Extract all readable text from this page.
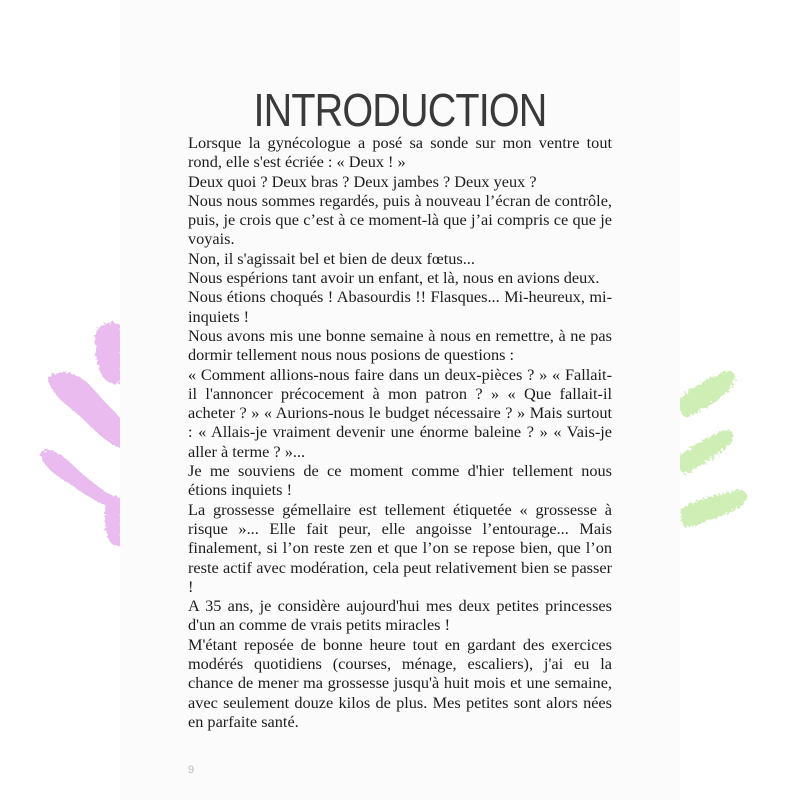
INTRODUCTION

Lorsque la gynécologue a posé sa sonde sur mon ventre tout rond, elle s'est écriée : « Deux ! »

Deux quoi ? Deux bras ? Deux jambes ? Deux yeux ?

Nous nous sommes regardés, puis à nouveau l’écran de contrôle, puis, je crois que c’est à ce moment-là que j’ai compris ce que je voyais.

Non, il s'agissait bel et bien de deux fœtus...

Nous espérions tant avoir un enfant, et là, nous en avions deux.

Nous étions choqués ! Abasourdis !! Flasques... Mi-heureux, mi-inquiets !

Nous avons mis une bonne semaine à nous en remettre, à ne pas dormir tellement nous nous posions de questions :

« Comment allions-nous faire dans un deux-pièces ? » « Fallait-il l'annoncer précocement à mon patron ? » « Que fallait-il acheter ? » « Aurions-nous le budget nécessaire ? » Mais surtout : « Allais-je vraiment devenir une énorme baleine ? » « Vais-je aller à terme ? »...

Je me souviens de ce moment comme d'hier tellement nous étions inquiets !

La grossesse gémellaire est tellement étiquetée « grossesse à risque »... Elle fait peur, elle angoisse l’entourage... Mais finalement, si l’on reste zen et que l’on se repose bien, que l’on reste actif avec modération, cela peut relativement bien se passer !

A 35 ans, je considère aujourd'hui mes deux petites princesses d'un an comme de vrais petits miracles !

M'étant reposée de bonne heure tout en gardant des exercices modérés quotidiens (courses, ménage, escaliers), j'ai eu la chance de mener ma grossesse jusqu'à huit mois et une semaine, avec seulement douze kilos de plus. Mes petites sont alors nées en parfaite santé.

9
